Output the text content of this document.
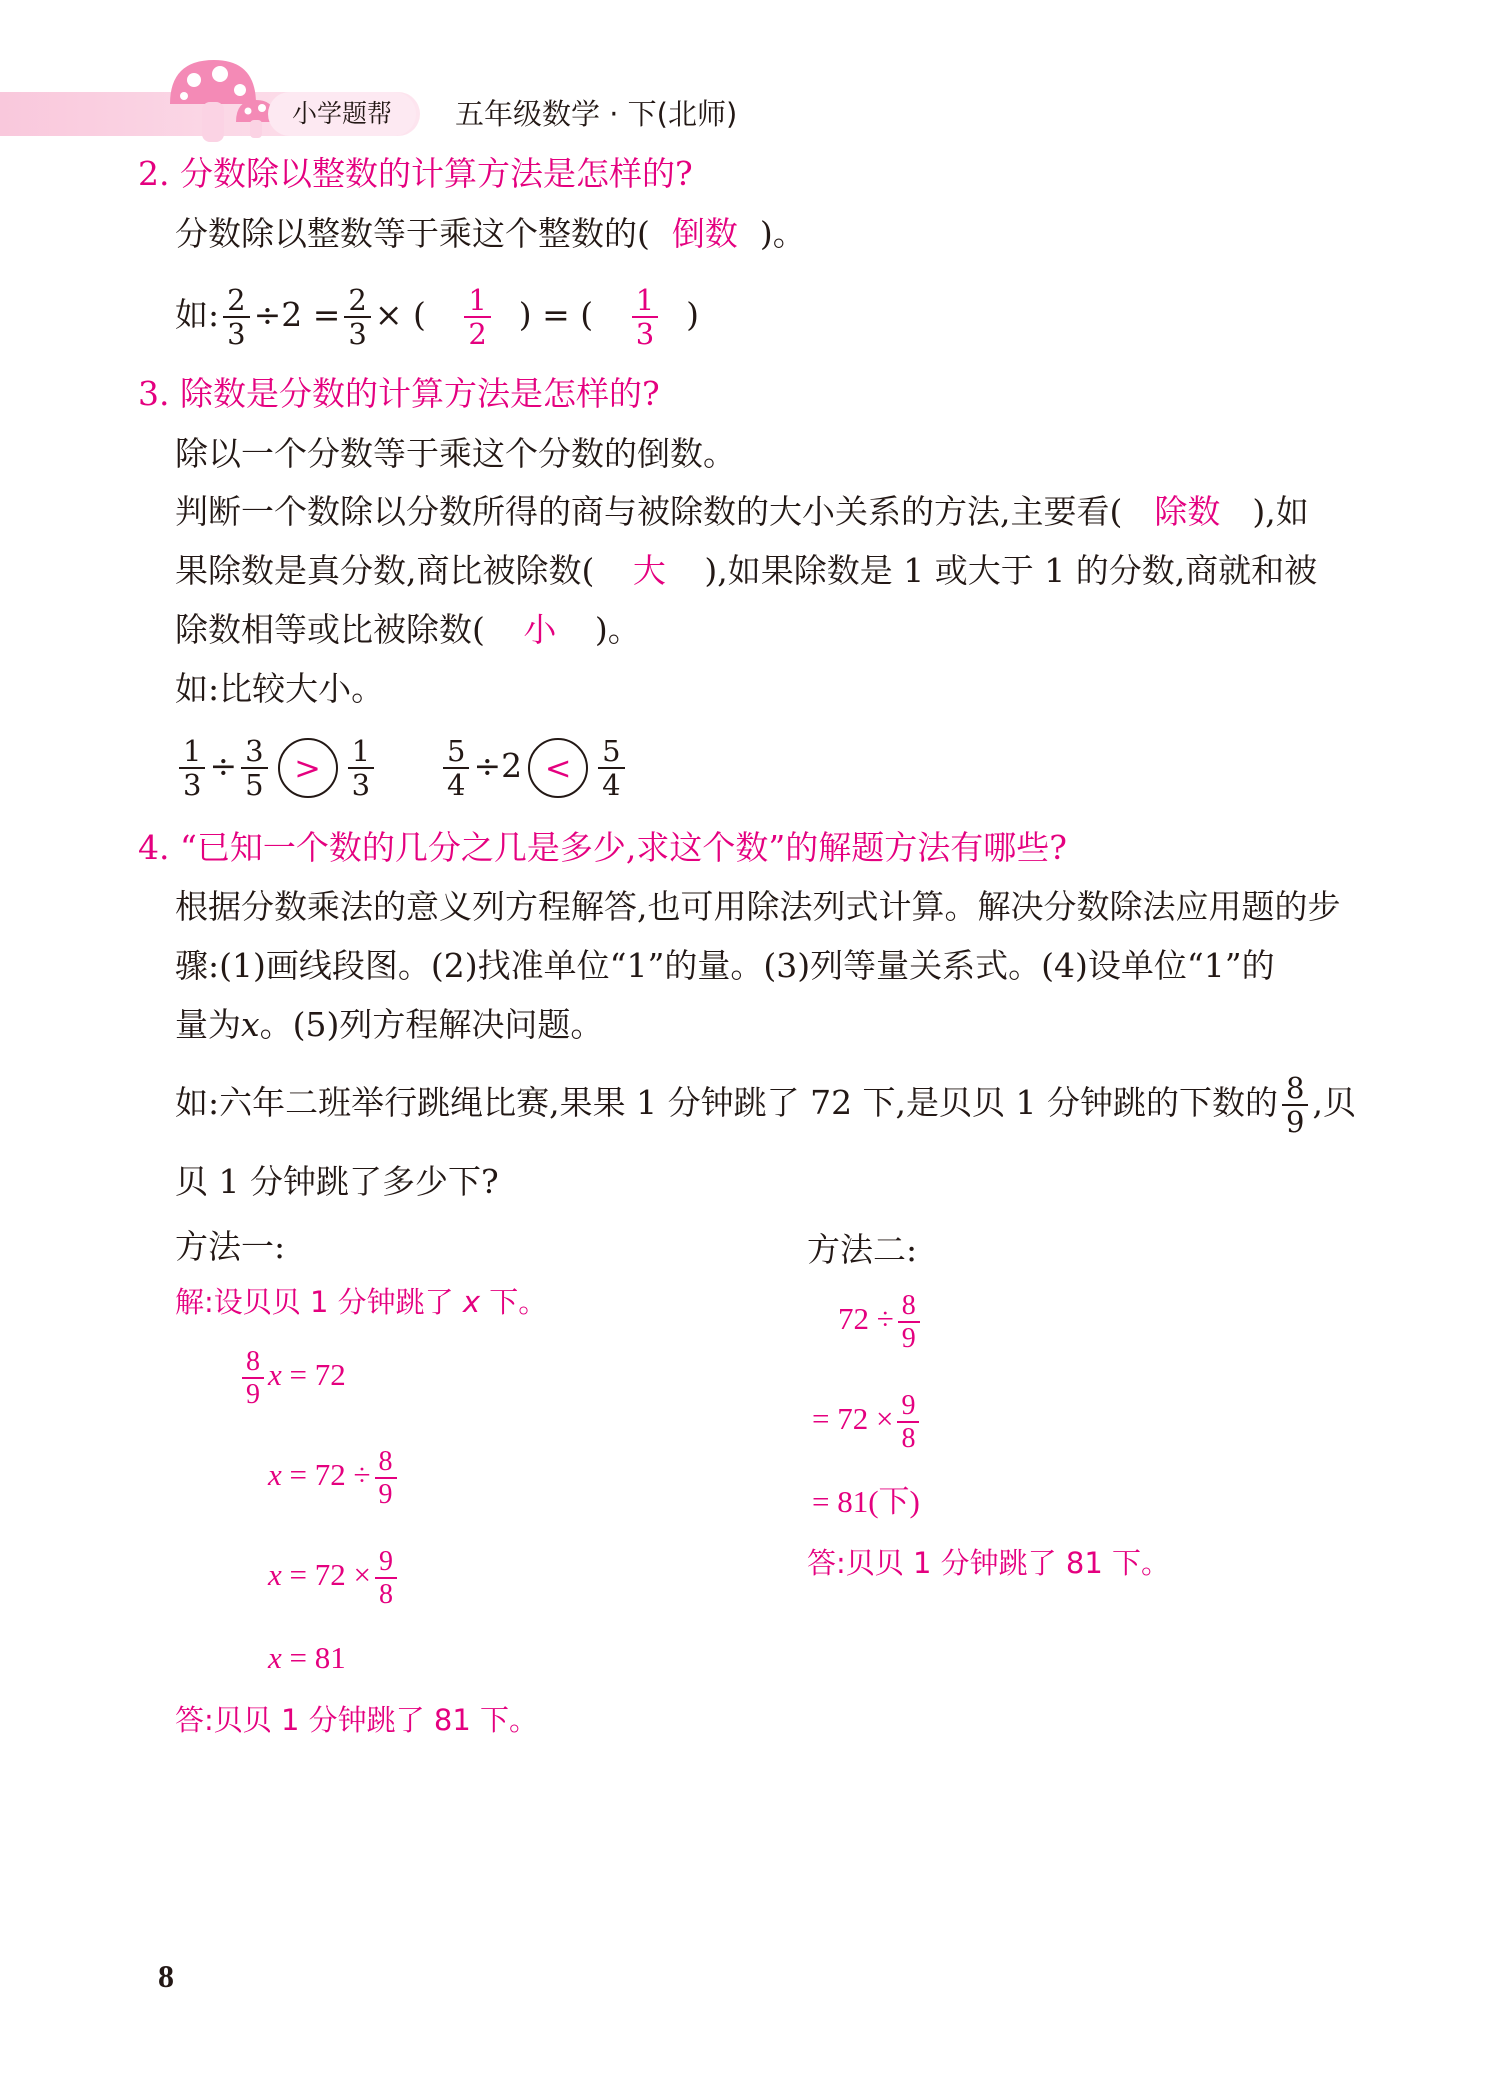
小学题帮	五年级数学 · 下(北师)
2. 分数除以整数的计算方法是怎样的?
分数除以整数等于乘这个整数的( 倒数 )。
如: $\frac{2}{3} \div 2 = \frac{2}{3}$ × ( $\frac{1}{2}$ ) = ( $\frac{1}{3}$ )
3. 除数是分数的计算方法是怎样的?
除以一个分数等于乘这个分数的倒数。
判断一个数除以分数所得的商与被除数的大小关系的方法,主要看( 除数 ),如
果除数是真分数,商比被除数( 大 ),如果除数是 1 或大于 1 的分数,商就和被
除数相等或比被除数( 小 )。
如:比较大小。
$\frac{1}{3} \div \frac{3}{5} > \frac{1}{3}$
$\frac{5}{4} \div 2 < \frac{5}{4}$
4. “已知一个数的几分之几是多少,求这个数”的解题方法有哪些?
根据分数乘法的意义列方程解答,也可用除法列式计算。解决分数除法应用题的步
骤:(1)画线段图。(2)找准单位“1”的量。(3)列等量关系式。(4)设单位“1”的
量为x。(5)列方程解决问题。
如:六年二班举行跳绳比赛,果果 1 分钟跳了 72 下,是贝贝 1 分钟跳的下数的 $\frac{8}{9}$ ,贝
贝 1 分钟跳了多少下?
方法一:
解:设贝贝 1 分钟跳了 x 下。
$\frac{8}{9}$ x = 72
$x = 72 \div \frac{8}{9}$
$x = 72 \times \frac{9}{8}$
x = 81
答:贝贝 1 分钟跳了 81 下。
方法二:
$72 \div \frac{8}{9}$
= $72 \times \frac{9}{8}$
= 81(下)
答:贝贝 1 分钟跳了 81 下。
8
